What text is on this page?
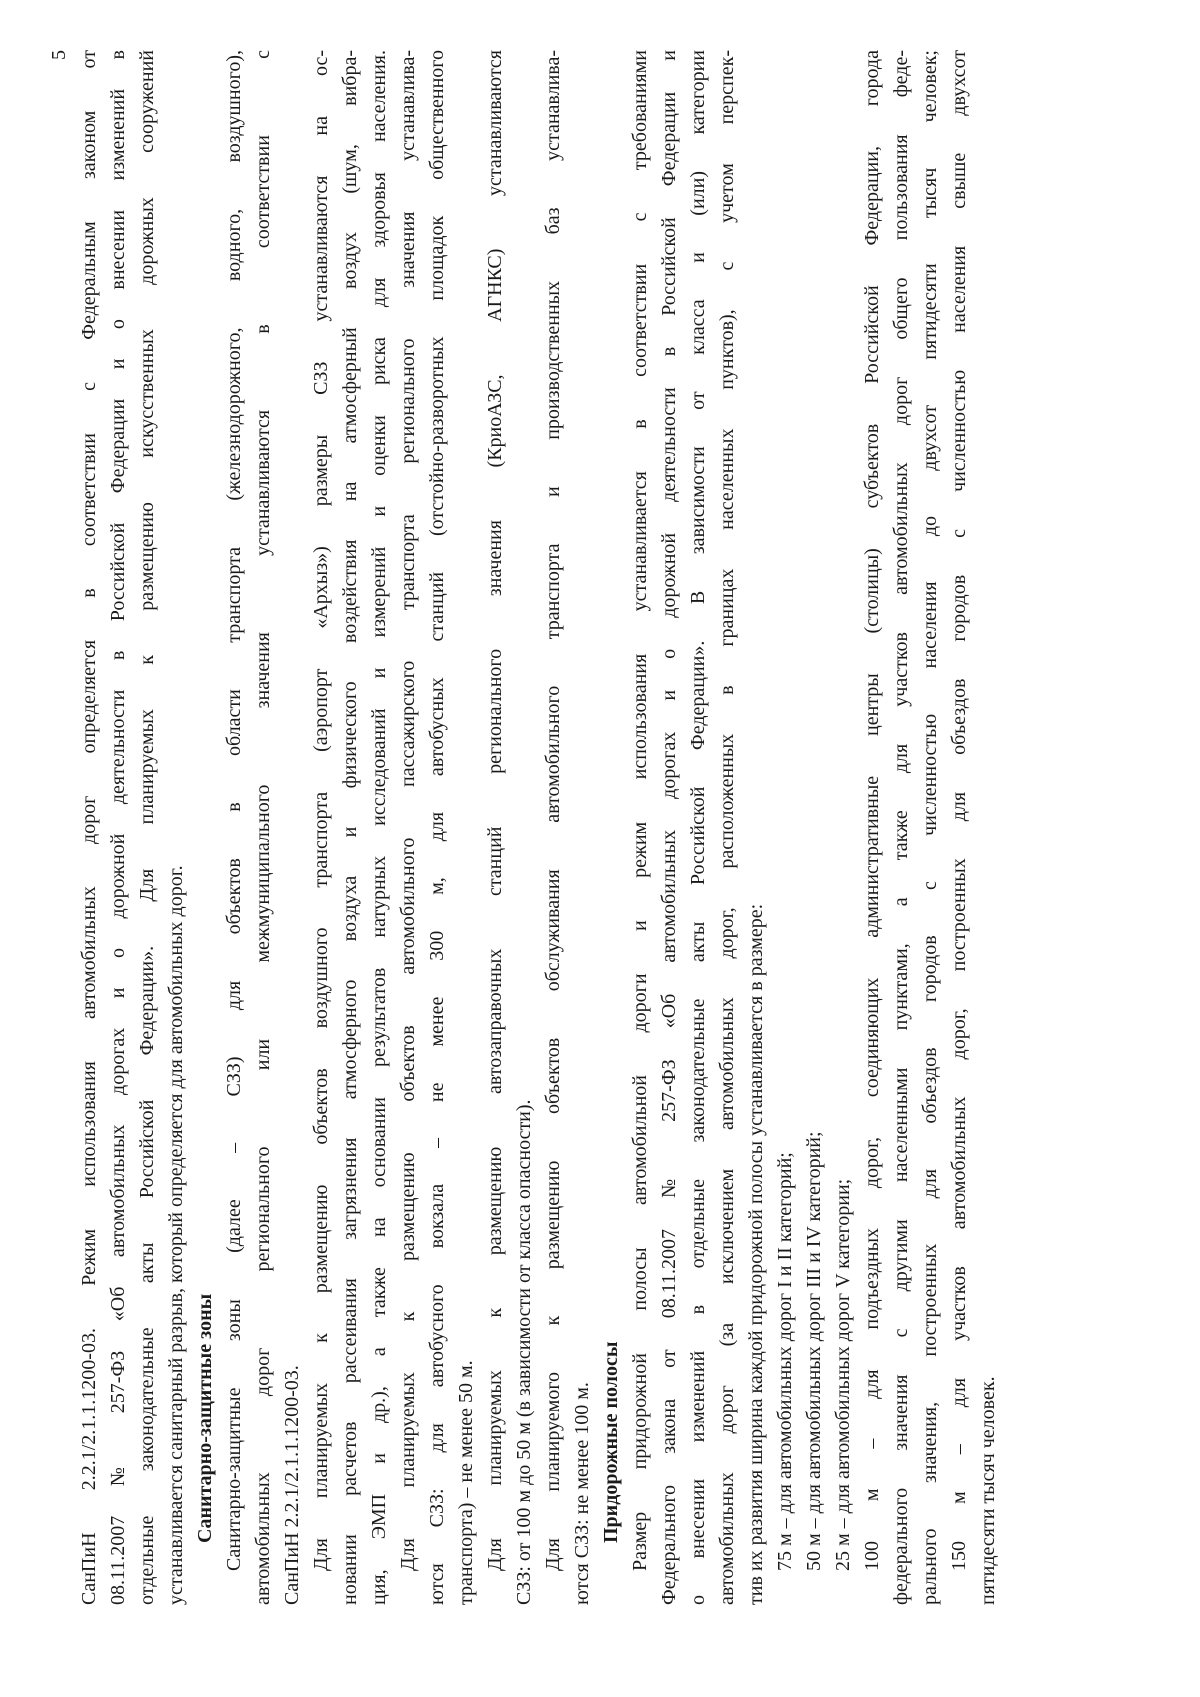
5 СанПиН 2.2.1/2.1.1.1200-03. Режим использования автомобильных дорог определяется в соответствии с Федеральным законом от 08.11.2007 № 257-ФЗ «Об автомобильных дорогах и о дорожной деятельности в Российской Федерации и о внесении изменений в отдельные законодательные акты Российской Федерации». Для планируемых к размещению искусственных дорожных сооружений устанавливается санитарный разрыв, который определяется для автомобильных дорог. Санитарно-защитные зоны Санитарно-защитные зоны (далее – СЗЗ) для объектов в области транспорта (железнодорожного, водного, воздушного), автомобильных дорог регионального или межмуниципального значения устанавливаются в соответствии с СанПиН 2.2.1/2.1.1.1200-03. Для планируемых к размещению объектов воздушного транспорта (аэропорт «Архыз») размеры СЗЗ устанавливаются на ос- новании расчетов рассеивания загрязнения атмосферного воздуха и физического воздействия на атмосферный воздух (шум, вибра- ция, ЭМП и др.), а также на основании результатов натурных исследований и измерений и оценки риска для здоровья населения. Для планируемых к размещению объектов автомобильного пассажирского транспорта регионального значения устанавлива- ются СЗЗ: для автобусного вокзала – не менее 300 м, для автобусных станций (отстойно-разворотных площадок общественного транспорта) – не менее 50 м. Для планируемых к размещению автозаправочных станций регионального значения (КриоАЗС, АГНКС) устанавливаются СЗЗ: от 100 м до 50 м (в зависимости от класса опасности). Для планируемого к размещению объектов обслуживания автомобильного транспорта и производственных баз устанавлива- ются СЗЗ: не менее 100 м. Придорожные полосы Размер придорожной полосы автомобильной дороги и режим использования устанавливается в соответствии с требованиями Федерального закона от 08.11.2007 № 257-ФЗ «Об автомобильных дорогах и о дорожной деятельности в Российской Федерации и о внесении изменений в отдельные законодательные акты Российской Федерации». В зависимости от класса и (или) категории автомобильных дорог (за исключением автомобильных дорог, расположенных в границах населенных пунктов), с учетом перспек- тив их развития ширина каждой придорожной полосы устанавливается в размере: 75 м – для автомобильных дорог I и II категорий; 50 м – для автомобильных дорог III и IV категорий; 25 м – для автомобильных дорог V категории; 100 м – для подъездных дорог, соединяющих административные центры (столицы) субъектов Российской Федерации, города федерального значения с другими населенными пунктами, а также для участков автомобильных дорог общего пользования феде- рального значения, построенных для объездов городов с численностью населения до двухсот пятидесяти тысяч человек; 150 м – для участков автомобильных дорог, построенных для объездов городов с численностью населения свыше двухсот пятидесяти тысяч человек.
